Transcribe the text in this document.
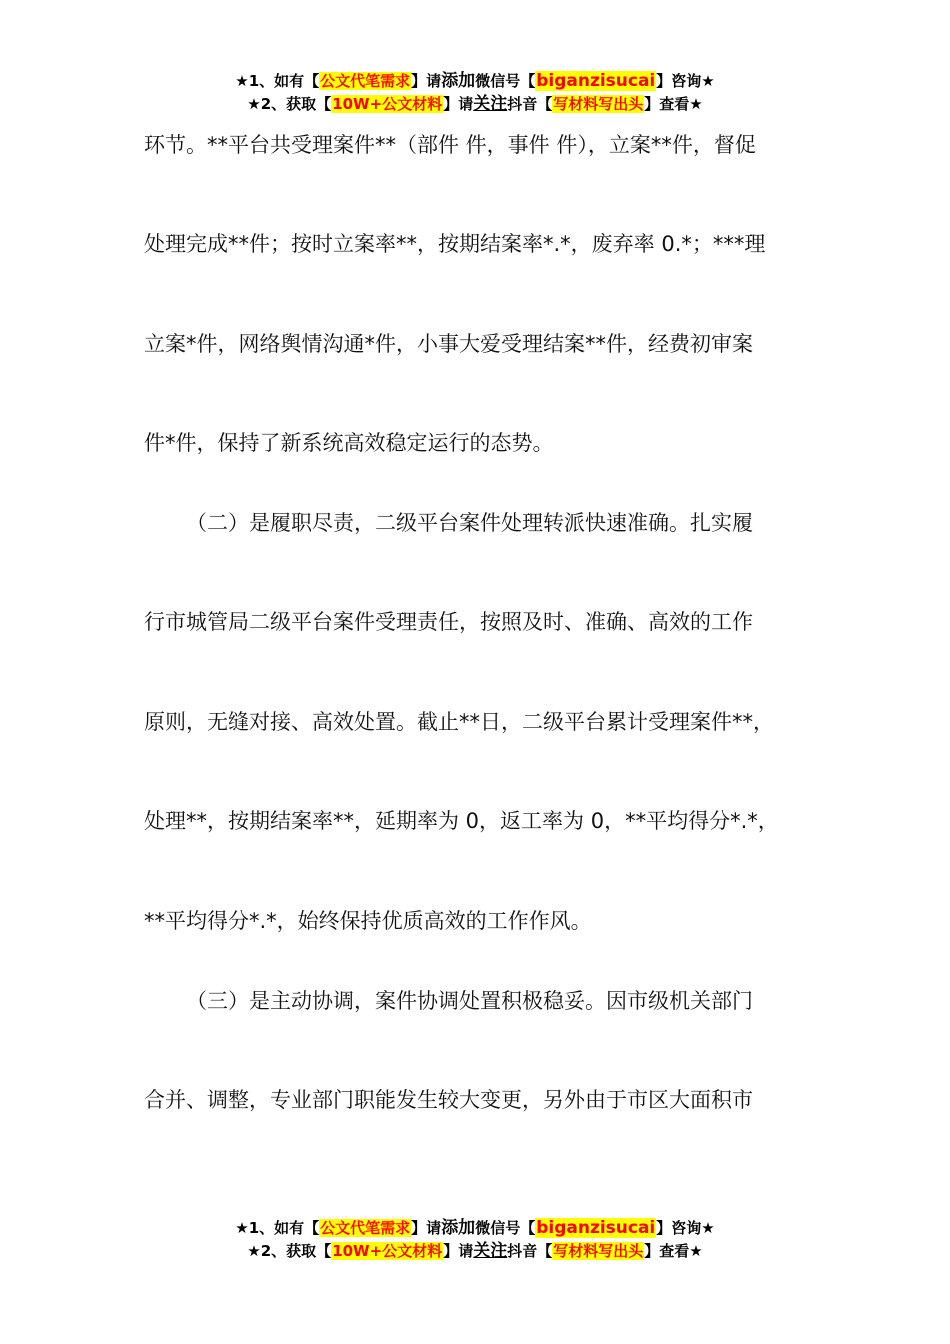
★1、如有【公文代笔需求】请添加微信号【biganzisucai】咨询★
★2、获取【10W+公文材料】请关注抖音【写材料写出头】查看★
环节。**平台共受理案件**（部件 件，事件 件），立案**件，督促
处理完成**件；按时立案率**，按期结案率*.*，废弃率 0.*；***理
立案*件，网络舆情沟通*件，小事大爱受理结案**件，经费初审案
件*件，保持了新系统高效稳定运行的态势。
（二）是履职尽责，二级平台案件处理转派快速准确。扎实履
行市城管局二级平台案件受理责任，按照及时、准确、高效的工作
原则，无缝对接、高效处置。截止**日，二级平台累计受理案件**，
处理**，按期结案率**，延期率为 0，返工率为 0，**平均得分*.*，
**平均得分*.*，始终保持优质高效的工作作风。
（三）是主动协调，案件协调处置积极稳妥。因市级机关部门
合并、调整，专业部门职能发生较大变更，另外由于市区大面积市
★1、如有【公文代笔需求】请添加微信号【biganzisucai】咨询★
★2、获取【10W+公文材料】请关注抖音【写材料写出头】查看★
